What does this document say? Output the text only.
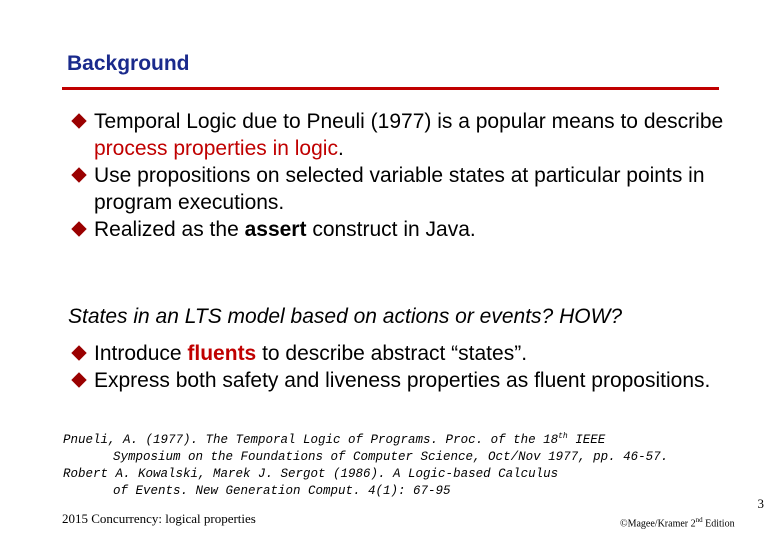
Background

Temporal Logic due to Pneuli (1977) is a popular means to describe process properties in logic.

Use propositions on selected variable states at particular points in program executions.

Realized as the assert construct in Java.

States in an LTS model based on actions or events? HOW?

Introduce fluents to describe abstract “states”.

Express both safety and liveness properties as fluent propositions.

Pnueli, A. (1977). The Temporal Logic of Programs. Proc. of the 18th IEEE
Symposium on the Foundations of Computer Science, Oct/Nov 1977, pp. 46-57.
Robert A. Kowalski, Marek J. Sergot (1986). A Logic-based Calculus
of Events. New Generation Comput. 4(1): 67-95
3
2015 Concurrency: logical properties	©Magee/Kramer 2nd Edition
